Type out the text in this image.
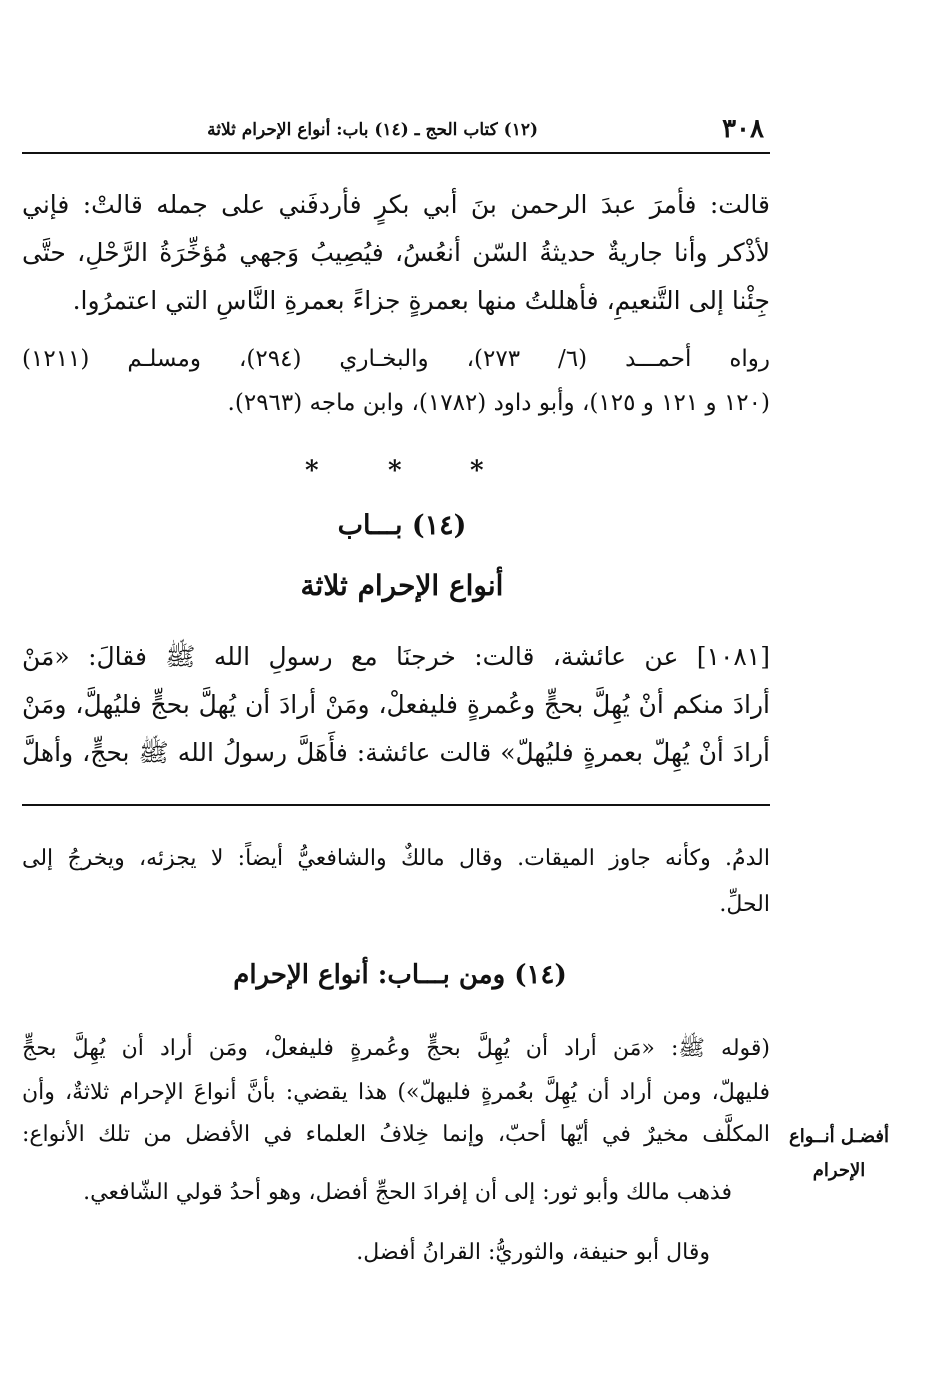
٣٠٨
(١٢) كتاب الحج ـ (١٤) باب: أنواع الإحرام ثلاثة
قالت: فأمرَ عبدَ الرحمن بنَ أبي بكرٍ فأردفَني على جمله قالتْ: فإني
لأذْكر وأنا جاريةٌ حديثةُ السّن أنعُسُ، فيُصِيبُ وَجهي مُؤخِّرَةُ الرَّحْلِ، حتَّى
جِئْنا إلى التَّنعيمِ، فأهللتُ منها بعمرةٍ جزاءً بعمرةِ النَّاسِ التي اعتمرُوا.
رواه أحمـــد (٦/ ٢٧٣)، والبخـاري (٢٩٤)، ومسلـم (١٢١١)
(١٢٠ و ١٢١ و ١٢٥)، وأبو داود (١٧٨٢)، وابن ماجه (٢٩٦٣).
*	*	*
(١٤) بـــاب
أنواع الإحرام ثلاثة
[١٠٨١] عن عائشة، قالت: خرجنَا مع رسولِ الله ﷺ فقالَ: «مَنْ
أرادَ منكم أنْ يُهِلَّ بحجٍّ وعُمرةٍ فليفعلْ، ومَنْ أرادَ أن يُهلَّ بحجٍّ فليُهلَّ، ومَنْ
أرادَ أنْ يُهِلّ بعمرةٍ فليُهلّ» قالت عائشة: فأَهَلَّ رسولُ الله ﷺ بحجٍّ، وأهلَّ
الدمُ. وكأنه جاوز الميقات. وقال مالكٌ والشافعيُّ أيضاً: لا يجزئه، ويخرجُ إلى
الحلِّ.
(١٤) ومن بـــاب: أنواع الإحرام
(قوله ﷺ: «مَن أراد أن يُهِلَّ بحجٍّ وعُمرةٍ فليفعلْ، ومَن أراد أن يُهِلَّ بحجٍّ
فليهلّ، ومن أراد أن يُهِلَّ بعُمرةٍ فليهلّ») هذا يقضي: بأنَّ أنواعَ الإحرام ثلاثةٌ، وأن
المكلَّف مخيرٌ في أيّها أحبّ، وإنما خِلافُ العلماء في الأفضل من تلك الأنواع:
فذهب مالك وأبو ثور: إلى أن إفرادَ الحجِّ أفضل، وهو أحدُ قولي الشّافعي.
وقال أبو حنيفة، والثوريُّ: القرانُ أفضل.
أفضـل أنــواع
الإحرام
